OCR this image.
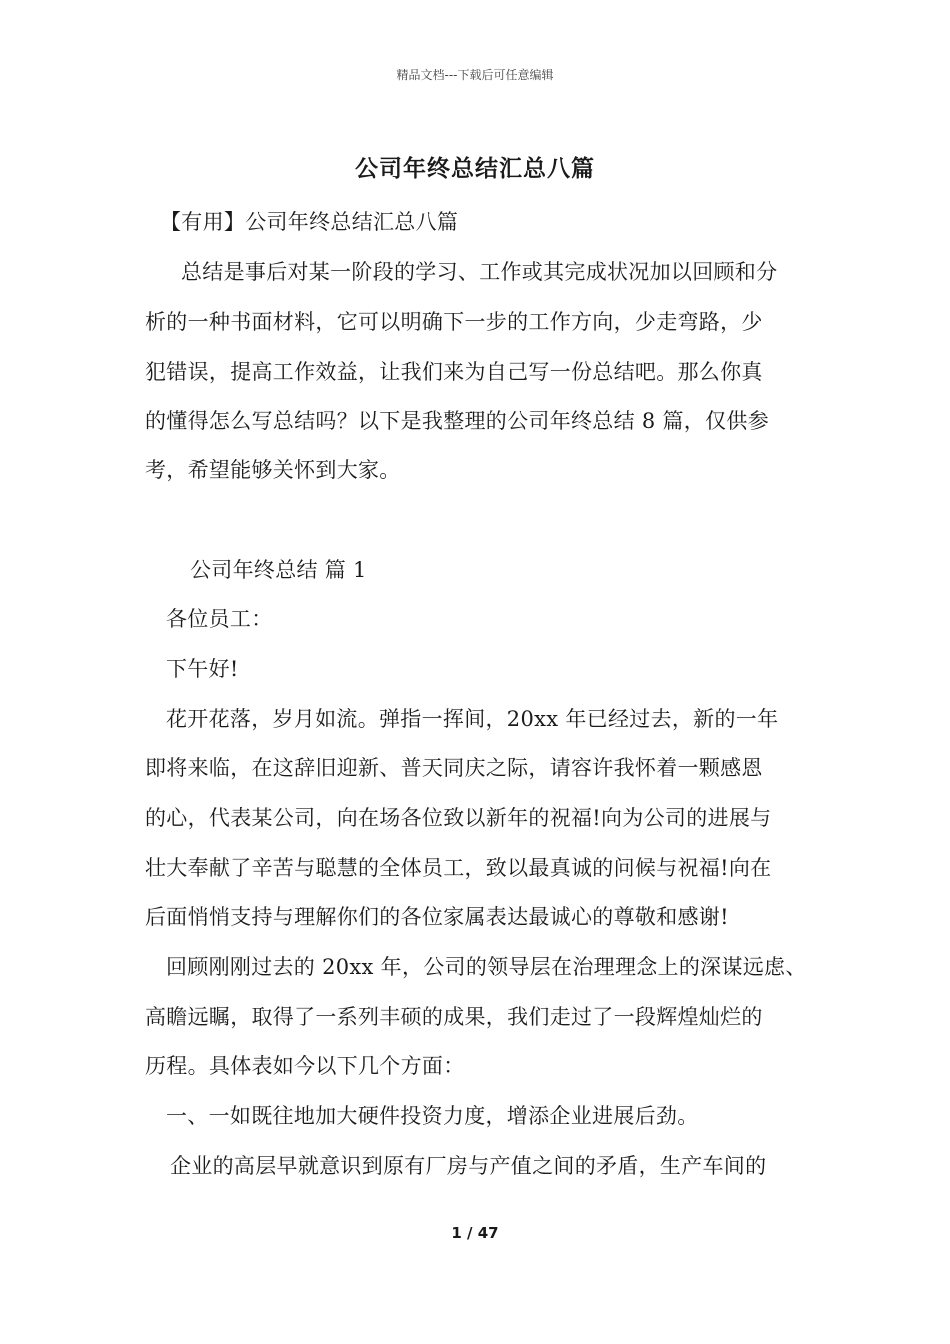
精品文档---下载后可任意编辑
公司年终总结汇总八篇
【有用】公司年终总结汇总八篇
总结是事后对某一阶段的学习、工作或其完成状况加以回顾和分
析的一种书面材料，它可以明确下一步的工作方向，少走弯路，少
犯错误，提高工作效益，让我们来为自己写一份总结吧。那么你真
的懂得怎么写总结吗？以下是我整理的公司年终总结 8 篇，仅供参
考，希望能够关怀到大家。
公司年终总结 篇 1
各位员工：
下午好!
花开花落，岁月如流。弹指一挥间，20xx 年已经过去，新的一年
即将来临，在这辞旧迎新、普天同庆之际，请容许我怀着一颗感恩
的心，代表某公司，向在场各位致以新年的祝福!向为公司的进展与
壮大奉献了辛苦与聪慧的全体员工，致以最真诚的问候与祝福!向在
后面悄悄支持与理解你们的各位家属表达最诚心的尊敬和感谢!
回顾刚刚过去的 20xx 年，公司的领导层在治理理念上的深谋远虑、
高瞻远瞩，取得了一系列丰硕的成果，我们走过了一段辉煌灿烂的
历程。具体表如今以下几个方面：
一、一如既往地加大硬件投资力度，增添企业进展后劲。
企业的高层早就意识到原有厂房与产值之间的矛盾，生产车间的
1 / 47
